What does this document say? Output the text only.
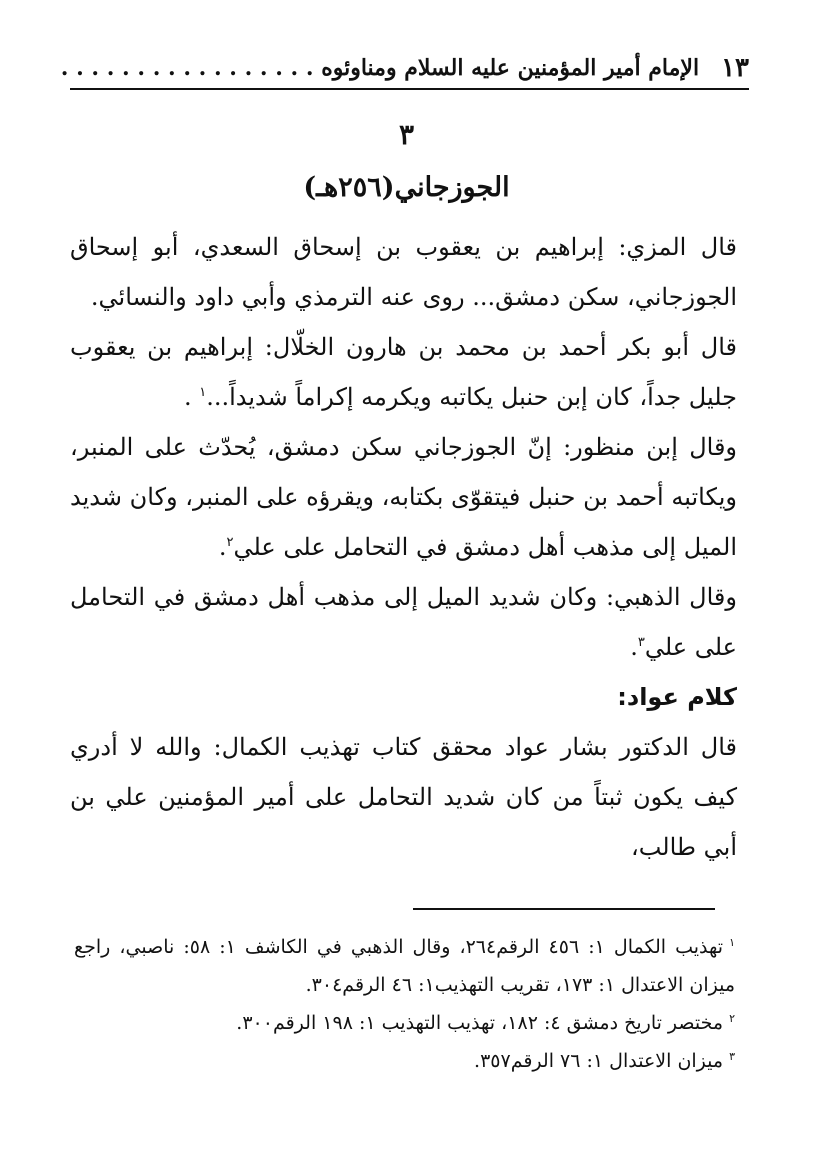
١٣
الإمام أمير المؤمنين عليه السلام ومناوئوه . . . . . . . . . . . . . . . . .
٣
الجوزجاني(٢٥٦هـ)

قال المزي: إبراهيم بن يعقوب بن إسحاق السعدي، أبو إسحاق الجوزجاني، سكن دمشق... روى عنه الترمذي وأبي داود والنسائي.

قال أبو بكر أحمد بن محمد بن هارون الخلّال: إبراهيم بن يعقوب جليل جداً، كان إبن حنبل يكاتبه ويكرمه إكراماً شديداً...$^١$ .

وقال إبن منظور: إنّ الجوزجاني سكن دمشق، يُحدّث على المنبر، ويكاتبه أحمد بن حنبل فيتقوّى بكتابه، ويقرؤه على المنبر، وكان شديد الميل إلى مذهب أهل دمشق في التحامل على علي$^٢$.

وقال الذهبي: وكان شديد الميل إلى مذهب أهل دمشق في التحامل على علي$^٣$.

كلام عواد:

قال الدكتور بشار عواد محقق كتاب تهذيب الكمال: والله لا أدري كيف يكون ثبتاً من كان شديد التحامل على أمير المؤمنين علي بن أبي طالب،

$^١$تهذيب الكمال ١: ٤٥٦ الرقم٢٦٤، وقال الذهبي في الكاشف ١: ٥٨: ناصبي، راجع ميزان الاعتدال ١: ١٧٣، تقريب التهذيب١: ٤٦ الرقم٣٠٤.

$^٢$مختصر تاريخ دمشق ٤: ١٨٢، تهذيب التهذيب ١: ١٩٨ الرقم٣٠٠.

$^٣$ميزان الاعتدال ١: ٧٦ الرقم٣٥٧.
